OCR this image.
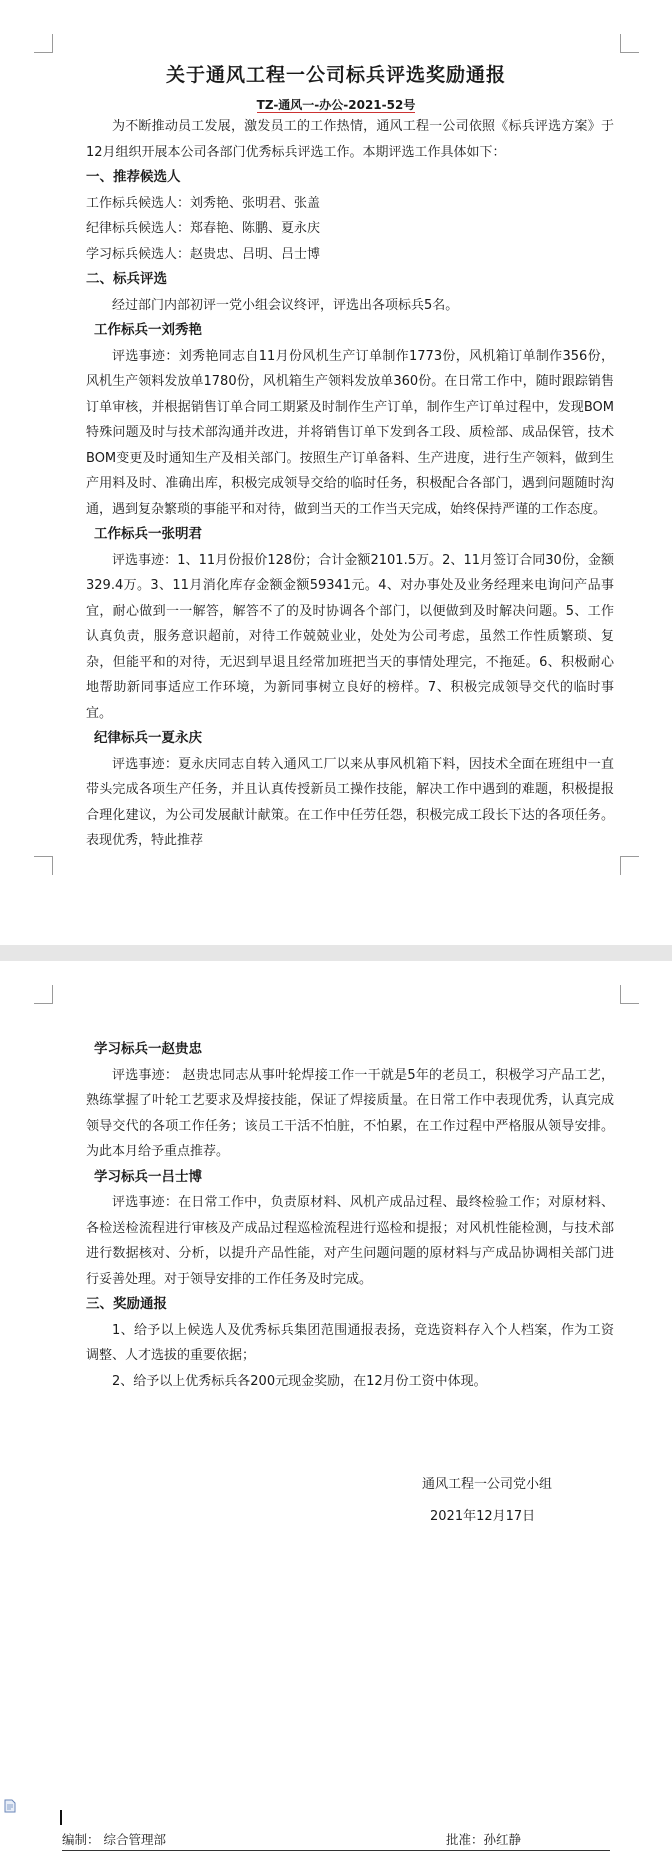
关于通风工程一公司标兵评选奖励通报
TZ-通风一-办公-2021-52号

为不断推动员工发展，激发员工的工作热情，通风工程一公司依照《标兵评选方案》于12月组织开展本公司各部门优秀标兵评选工作。本期评选工作具体如下：

一、推荐候选人

工作标兵候选人：刘秀艳、张明君、张盖

纪律标兵候选人：郑春艳、陈鹏、夏永庆

学习标兵候选人：赵贵忠、吕明、吕士博

二、标兵评选

经过部门内部初评一党小组会议终评，评选出各项标兵5名。

工作标兵一刘秀艳

评选事迹：刘秀艳同志自11月份风机生产订单制作1773份，风机箱订单制作356份，风机生产领料发放单1780份，风机箱生产领料发放单360份。在日常工作中，随时跟踪销售订单审核，并根据销售订单合同工期紧及时制作生产订单，制作生产订单过程中，发现BOM特殊问题及时与技术部沟通并改进，并将销售订单下发到各工段、质检部、成品保管，技术BOM变更及时通知生产及相关部门。按照生产订单备料、生产进度，进行生产领料，做到生产用料及时、准确出库，积极完成领导交给的临时任务，积极配合各部门，遇到问题随时沟通，遇到复杂繁琐的事能平和对待，做到当天的工作当天完成，始终保持严谨的工作态度。

工作标兵一张明君

评选事迹：1、11月份报价128份；合计金额2101.5万。2、11月签订合同30份，金额329.4万。3、11月消化库存金额金额59341元。4、对办事处及业务经理来电询问产品事宜，耐心做到一一解答，解答不了的及时协调各个部门，以便做到及时解决问题。5、工作认真负责，服务意识超前，对待工作兢兢业业，处处为公司考虑，虽然工作性质繁琐、复杂，但能平和的对待，无迟到早退且经常加班把当天的事情处理完，不拖延。6、积极耐心地帮助新同事适应工作环境，为新同事树立良好的榜样。7、积极完成领导交代的临时事宜。

纪律标兵一夏永庆

评选事迹：夏永庆同志自转入通风工厂以来从事风机箱下料，因技术全面在班组中一直带头完成各项生产任务，并且认真传授新员工操作技能，解决工作中遇到的难题，积极提报合理化建议，为公司发展献计献策。在工作中任劳任怨，积极完成工段长下达的各项任务。表现优秀，特此推荐

学习标兵一赵贵忠

评选事迹： 赵贵忠同志从事叶轮焊接工作一干就是5年的老员工，积极学习产品工艺，熟练掌握了叶轮工艺要求及焊接技能，保证了焊接质量。在日常工作中表现优秀，认真完成领导交代的各项工作任务；该员工干活不怕脏，不怕累，在工作过程中严格服从领导安排。为此本月给予重点推荐。

学习标兵一吕士博

评选事迹：在日常工作中，负责原材料、风机产成品过程、最终检验工作；对原材料、各检送检流程进行审核及产成品过程巡检流程进行巡检和提报；对风机性能检测，与技术部进行数据核对、分析，以提升产品性能，对产生问题问题的原材料与产成品协调相关部门进行妥善处理。对于领导安排的工作任务及时完成。

三、奖励通报

1、给予以上候选人及优秀标兵集团范围通报表扬，竞选资料存入个人档案，作为工资调整、人才选拔的重要依据；

2、给予以上优秀标兵各200元现金奖励，在12月份工资中体现。

通风工程一公司党小组
2021年12月17日
编制： 综合管理部	批准：孙红静
